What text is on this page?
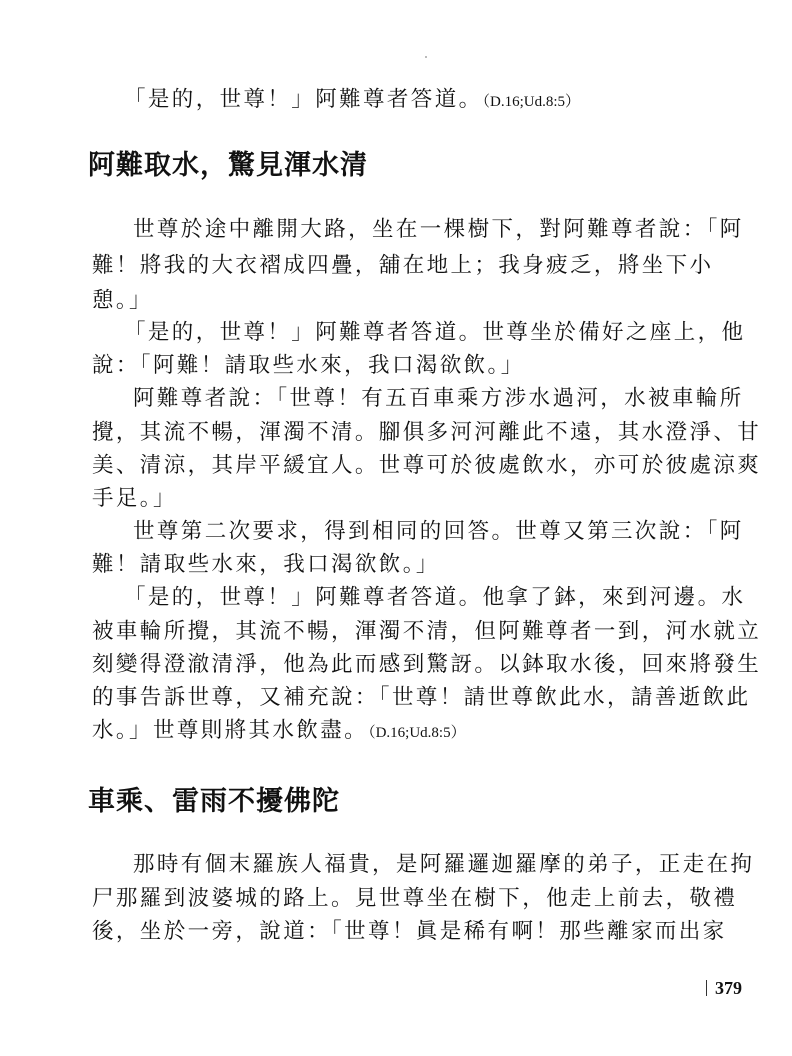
「是的，世尊！」阿難尊者答道。（D.16;Ud.8:5）
阿難取水，驚見渾水清
世尊於途中離開大路，坐在一棵樹下，對阿難尊者說：「阿
難！將我的大衣褶成四疊，舖在地上；我身疲乏，將坐下小
憩。」
「是的，世尊！」阿難尊者答道。世尊坐於備好之座上，他
說：「阿難！請取些水來，我口渴欲飲。」
阿難尊者說：「世尊！有五百車乘方涉水過河，水被車輪所
攪，其流不暢，渾濁不清。腳俱多河河離此不遠，其水澄淨、甘
美、清涼，其岸平緩宜人。世尊可於彼處飲水，亦可於彼處涼爽
手足。」
世尊第二次要求，得到相同的回答。世尊又第三次說：「阿
難！請取些水來，我口渴欲飲。」
「是的，世尊！」阿難尊者答道。他拿了鉢，來到河邊。水
被車輪所攪，其流不暢，渾濁不清，但阿難尊者一到，河水就立
刻變得澄澈清淨，他為此而感到驚訝。以鉢取水後，回來將發生
的事告訴世尊，又補充說：「世尊！請世尊飲此水，請善逝飲此
水。」世尊則將其水飲盡。（D.16;Ud.8:5）
車乘、雷雨不擾佛陀
那時有個末羅族人福貴，是阿羅邏迦羅摩的弟子，正走在拘
尸那羅到波婆城的路上。見世尊坐在樹下，他走上前去，敬禮
後，坐於一旁，說道：「世尊！眞是稀有啊！那些離家而出家
379
